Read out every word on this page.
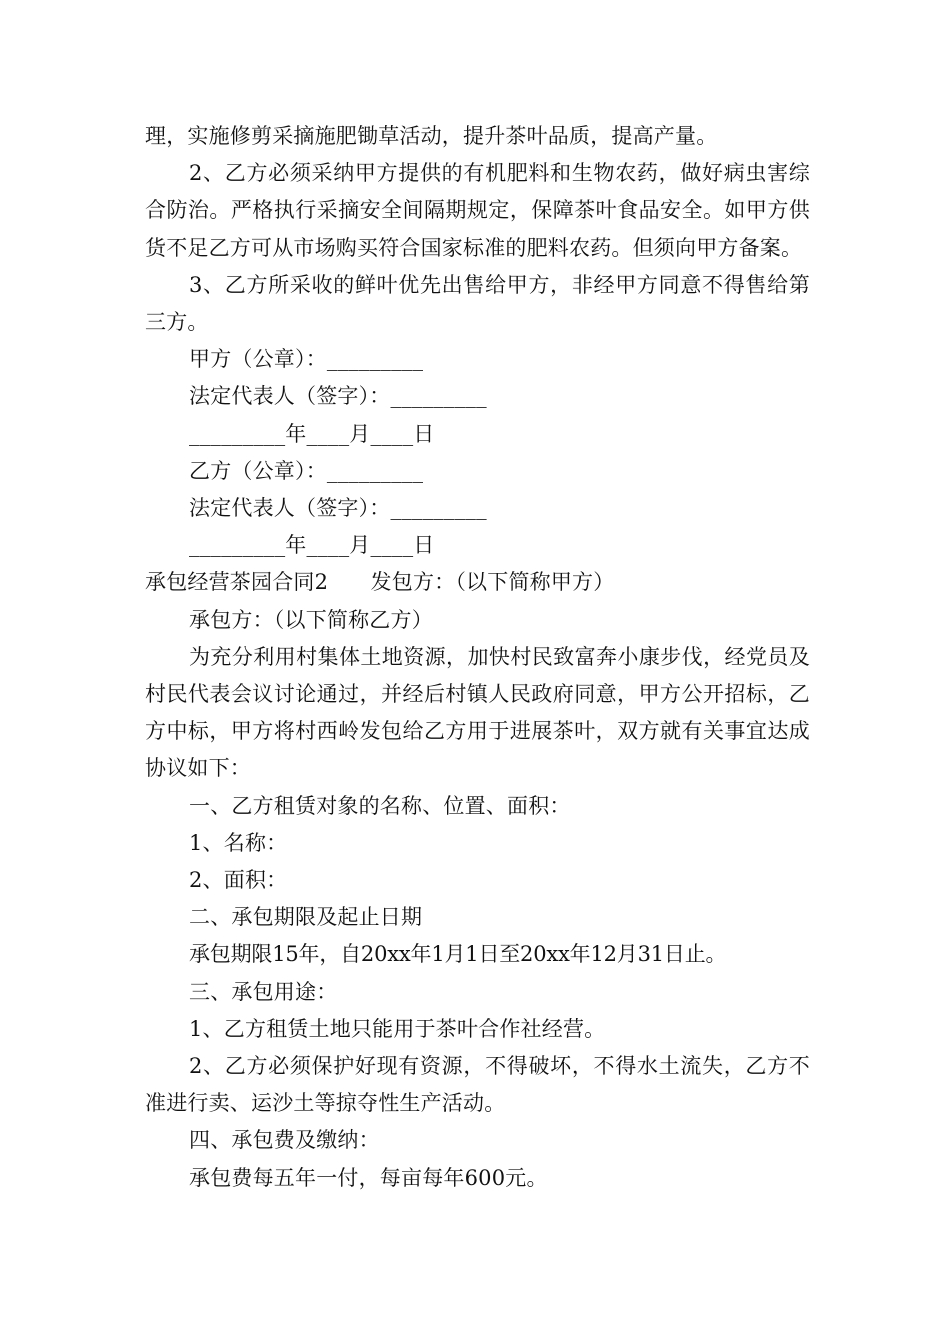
理，实施修剪采摘施肥锄草活动，提升茶叶品质，提高产量。

2、乙方必须采纳甲方提供的有机肥料和生物农药，做好病虫害综合防治。严格执行采摘安全间隔期规定，保障茶叶食品安全。如甲方供货不足乙方可从市场购买符合国家标准的肥料农药。但须向甲方备案。

3、乙方所采收的鲜叶优先出售给甲方，非经甲方同意不得售给第三方。

甲方（公章）：_________

法定代表人（签字）：_________

_________年____月____日

乙方（公章）：_________

法定代表人（签字）：_________

_________年____月____日

承包经营茶园合同2　　发包方：（以下简称甲方）

承包方：（以下简称乙方）

为充分利用村集体土地资源，加快村民致富奔小康步伐，经党员及村民代表会议讨论通过，并经后村镇人民政府同意，甲方公开招标，乙方中标，甲方将村西岭发包给乙方用于进展茶叶，双方就有关事宜达成协议如下：

一、乙方租赁对象的名称、位置、面积：

1、名称：

2、面积：

二、承包期限及起止日期

承包期限15年，自20xx年1月1日至20xx年12月31日止。

三、承包用途：

1、乙方租赁土地只能用于茶叶合作社经营。

2、乙方必须保护好现有资源，不得破坏，不得水土流失，乙方不准进行卖、运沙土等掠夺性生产活动。

四、承包费及缴纳：

承包费每五年一付，每亩每年600元。
